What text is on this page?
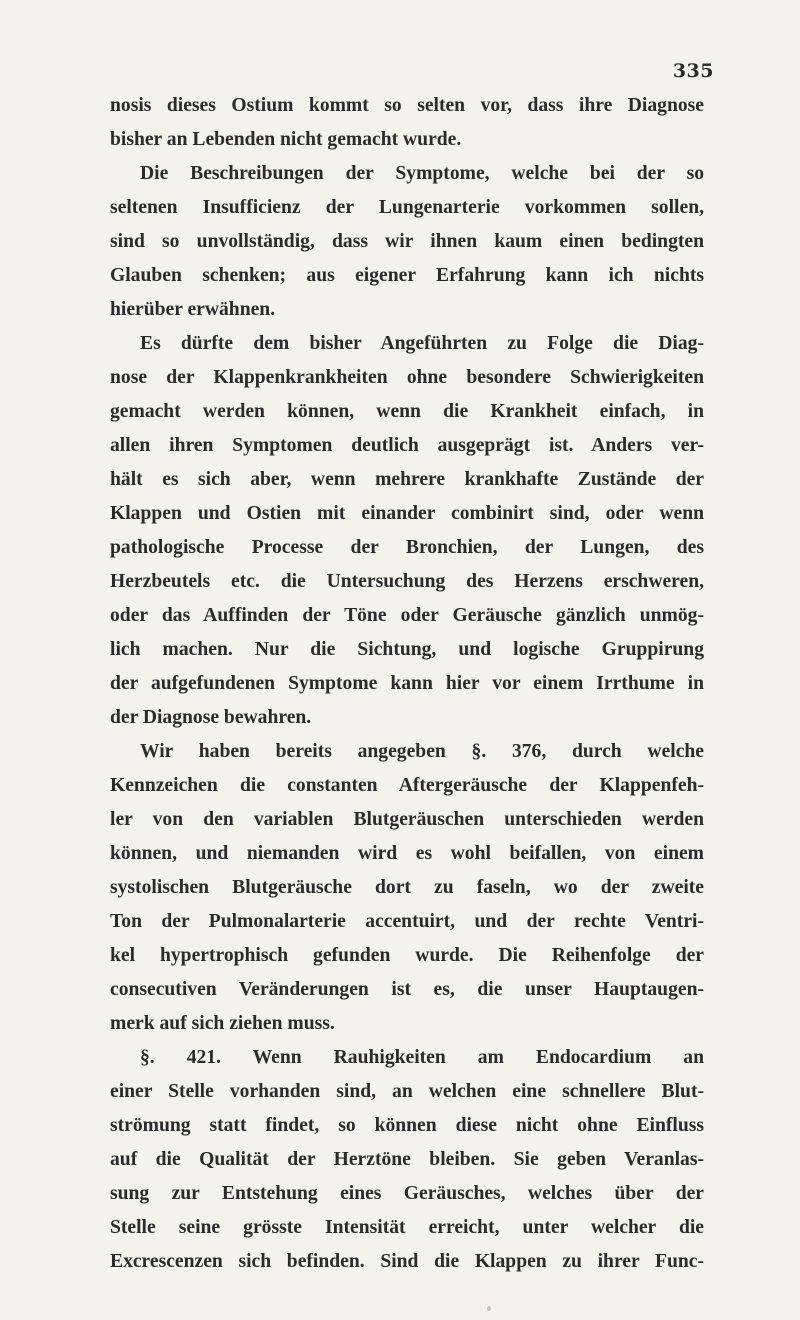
335
nosis dieses Ostium kommt so selten vor, dass ihre Diagnose
bisher an Lebenden nicht gemacht wurde.
Die Beschreibungen der Symptome, welche bei der so
seltenen Insufficienz der Lungenarterie vorkommen sollen,
sind so unvollständig, dass wir ihnen kaum einen bedingten
Glauben schenken; aus eigener Erfahrung kann ich nichts
hierüber erwähnen.
Es dürfte dem bisher Angeführten zu Folge die Diag-
nose der Klappenkrankheiten ohne besondere Schwierigkeiten
gemacht werden können, wenn die Krankheit einfach, in
allen ihren Symptomen deutlich ausgeprägt ist. Anders ver-
hält es sich aber, wenn mehrere krankhafte Zustände der
Klappen und Ostien mit einander combinirt sind, oder wenn
pathologische Processe der Bronchien, der Lungen, des
Herzbeutels etc. die Untersuchung des Herzens erschweren,
oder das Auffinden der Töne oder Geräusche gänzlich unmög-
lich machen. Nur die Sichtung, und logische Gruppirung
der aufgefundenen Symptome kann hier vor einem Irrthume in
der Diagnose bewahren.
Wir haben bereits angegeben §. 376, durch welche
Kennzeichen die constanten Aftergeräusche der Klappenfeh-
ler von den variablen Blutgeräuschen unterschieden werden
können, und niemanden wird es wohl beifallen, von einem
systolischen Blutgeräusche dort zu faseln, wo der zweite
Ton der Pulmonalarterie accentuirt, und der rechte Ventri-
kel hypertrophisch gefunden wurde. Die Reihenfolge der
consecutiven Veränderungen ist es, die unser Hauptaugen-
merk auf sich ziehen muss.
§. 421. Wenn Rauhigkeiten am Endocardium an
einer Stelle vorhanden sind, an welchen eine schnellere Blut-
strömung statt findet, so können diese nicht ohne Einfluss
auf die Qualität der Herztöne bleiben. Sie geben Veranlas-
sung zur Entstehung eines Geräusches, welches über der
Stelle seine grösste Intensität erreicht, unter welcher die
Excrescenzen sich befinden. Sind die Klappen zu ihrer Func-
